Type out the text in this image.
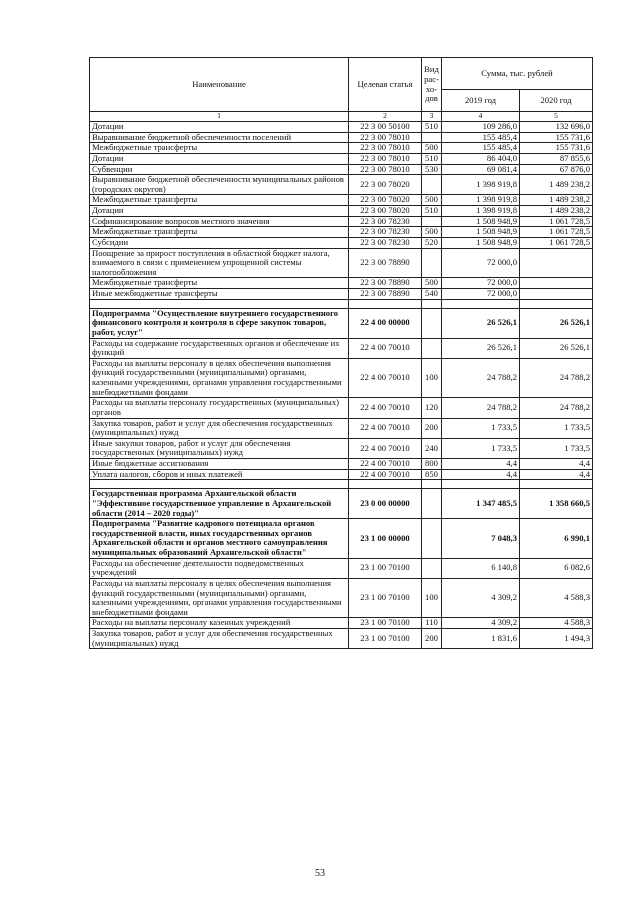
Наименование	Целевая статья	Вид рас-хо-дов	Сумма, тыс. рублей	
			2019 год	2020 год
1	2	3	4	5
Дотации	22 3 00 50100	510	109 286,0	132 696,0
Выравнивание бюджетной обеспеченности поселений	22 3 00 78010		155 485,4	155 731,6
Межбюджетные трансферты	22 3 00 78010	500	155 485,4	155 731,6
Дотации	22 3 00 78010	510	86 404,0	87 855,6
Субвенции	22 3 00 78010	530	69 081,4	67 876,0
Выравнивание бюджетной обеспеченности муниципальных районов (городских округов)	22 3 00 78020		1 398 919,8	1 489 238,2
Межбюджетные трансферты	22 3 00 78020	500	1 398 919,8	1 489 238,2
Дотации	22 3 00 78020	510	1 398 919,8	1 489 238,2
Софинансирование вопросов местного значения	22 3 00 78230		1 508 948,9	1 061 728,5
Межбюджетные трансферты	22 3 00 78230	500	1 508 948,9	1 061 728,5
Субсидии	22 3 00 78230	520	1 508 948,9	1 061 728,5
Поощрение за прирост поступления в областной бюджет налога, взимаемого в связи с применением упрощенной системы налогообложения	22 3 00 78890		72 000,0	
Межбюджетные трансферты	22 3 00 78890	500	72 000,0	
Иные межбюджетные трансферты	22 3 00 78890	540	72 000,0	

Подпрограмма "Осуществление внутреннего государственного финансового контроля и контроля в сфере закупок товаров, работ, услуг"	22 4 00 00000		26 526,1	26 526,1
Расходы на содержание государственных органов и обеспечение их функций	22 4 00 70010		26 526,1	26 526,1
Расходы на выплаты персоналу в целях обеспечения выполнения функций государственными (муниципальными) органами, казенными учреждениями, органами управления государственными внебюджетными фондами	22 4 00 70010	100	24 788,2	24 788,2
Расходы на выплаты персоналу государственных (муниципальных) органов	22 4 00 70010	120	24 788,2	24 788,2
Закупка товаров, работ и услуг для обеспечения государственных (муниципальных) нужд	22 4 00 70010	200	1 733,5	1 733,5
Иные закупки товаров, работ и услуг для обеспечения государственных (муниципальных) нужд	22 4 00 70010	240	1 733,5	1 733,5
Иные бюджетные ассигнования	22 4 00 70010	800	4,4	4,4
Уплата налогов, сборов и иных платежей	22 4 00 70010	850	4,4	4,4

Государственная программа Архангельской области "Эффективное государственное управление в Архангельской области (2014 – 2020 годы)"	23 0 00 00000		1 347 485,5	1 358 660,5
Подпрограмма "Развитие кадрового потенциала органов государственной власти, иных государственных органов Архангельской области и органов местного самоуправления муниципальных образований Архангельской области"	23 1 00 00000		7 048,3	6 990,1
Расходы на обеспечение деятельности подведомственных учреждений	23 1 00 70100		6 140,8	6 082,6
Расходы на выплаты персоналу в целях обеспечения выполнения функций государственными (муниципальными) органами, казенными учреждениями, органами управления государственными внебюджетными фондами	23 1 00 70100	100	4 309,2	4 588,3
Расходы на выплаты персоналу казенных учреждений	23 1 00 70100	110	4 309,2	4 588,3
Закупка товаров, работ и услуг для обеспечения государственных (муниципальных) нужд	23 1 00 70100	200	1 831,6	1 494,3
53
